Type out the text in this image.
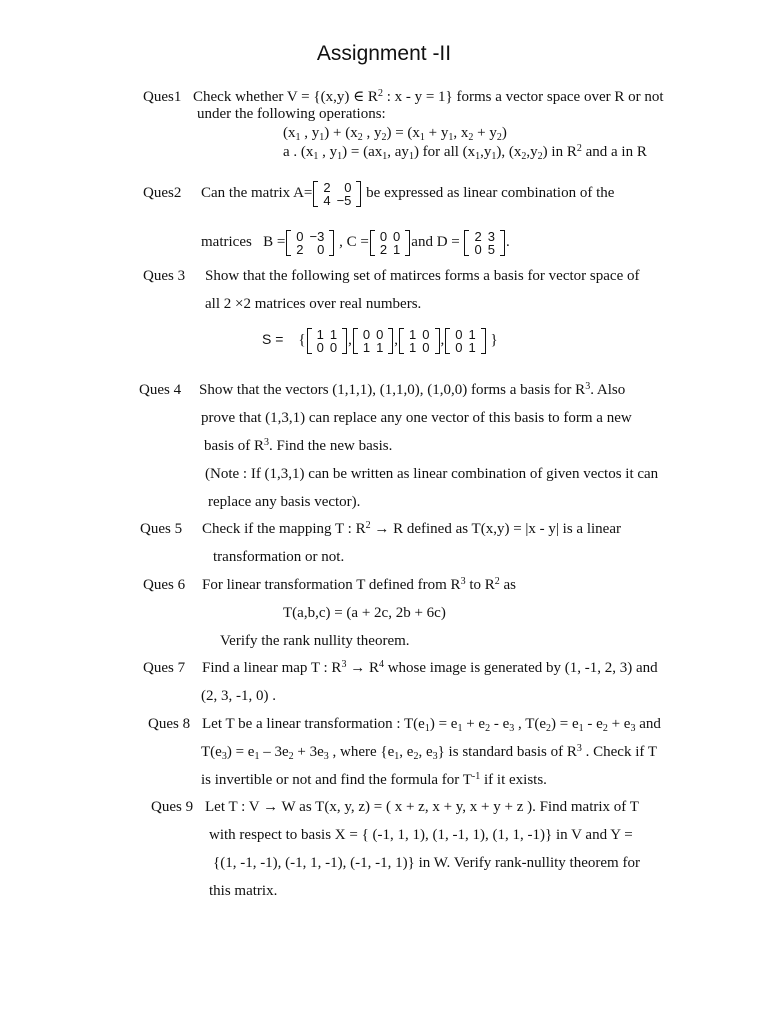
Assignment -II
Ques1 Check whether V = {(x,y) ∈ $R^2$ : x - y = 1} forms a vector space over R or not
under the following operations:
($x_1$ , $y_1) + (x_2$ , $y_2) = (x_1 + y_1$, $x_2 + y_2$)
a . ($x_1$ , $y_1) = (ax_1$, $ay_1$) for all $(x_1,y_1)$, $(x_2,y_2)$ in $R^2$ and a in R
Ques2 Can the matrix A= 2	0
4	−5 be expressed as linear combination of the
matrices B = 0	−3
2	0 , C = 0	0
2	1 and D = 2	3
0	5 .
Ques 3 Show that the following set of matirces forms a basis for vector space of
all 2 ×2 matrices over real numbers.
S = { 1	1
0	0 , 0	0
1	1 , 1	0
1	0 , 0	1
0	1 }
Ques 4 Show that the vectors (1,1,1), (1,1,0), (1,0,0) forms a basis for $R^3$. Also
prove that (1,3,1) can replace any one vector of this basis to form a new
basis of $R^3$. Find the new basis.
(Note : If (1,3,1) can be written as linear combination of given vectos it can
replace any basis vector).
Ques 5 Check if the mapping T : $R^2 \to R$ defined as T(x,y) = |x - y| is a linear
transformation or not.
Ques 6 For linear transformation T defined from $R^3$ to $R^2$ as
T(a,b,c) = (a + 2c, 2b + 6c)
Verify the rank nullity theorem.
Ques 7 Find a linear map T : $R^3 \to R^4$ whose image is generated by (1, -1, 2, 3) and
(2, 3, -1, 0) .
Ques 8 Let T be a linear transformation : $T(e_1) = e_1 + e_2 - e_3$ , $T(e_2) = e_1 - e_2 + e_3$ and
$T(e_3) = e_1 - 3e_2 + 3e_3$ , where {$e_1$, $e_2$, $e_3$} is standard basis of $R^3$ . Check if T
is invertible or not and find the formula for $T^{-1}$ if it exists.
Ques 9 Let T : V → W as T(x, y, z) = ( x + z, x + y, x + y + z ). Find matrix of T
with respect to basis X = { (-1, 1, 1), (1, -1, 1), (1, 1, -1)} in V and Y =
{(1, -1, -1), (-1, 1, -1), (-1, -1, 1)} in W. Verify rank-nullity theorem for
this matrix.
